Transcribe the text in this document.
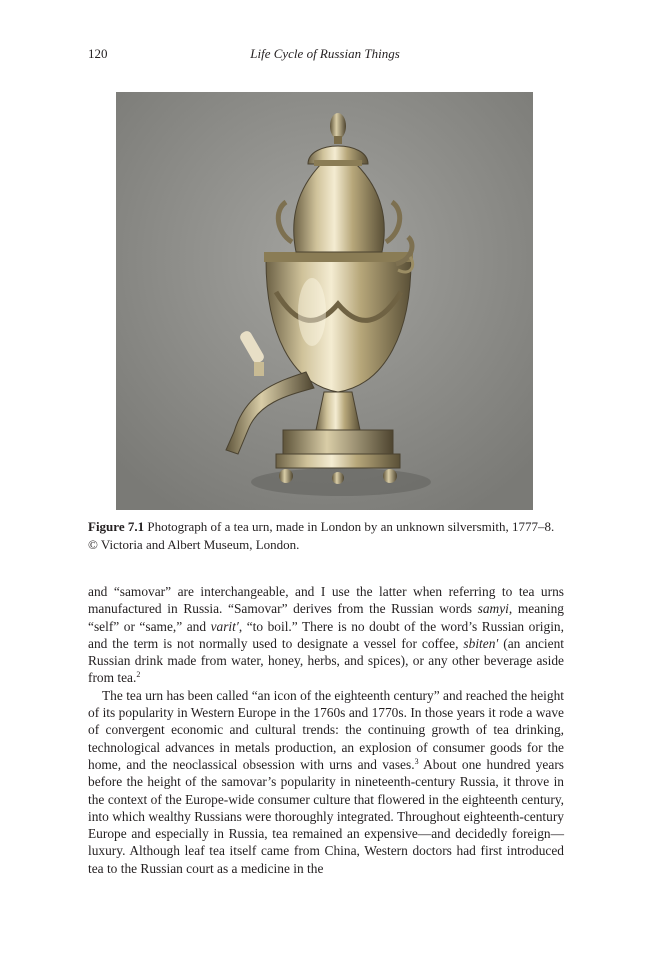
120	Life Cycle of Russian Things
Figure 7.1 Photograph of a tea urn, made in London by an unknown silversmith, 1777–8.
© Victoria and Albert Museum, London.

and “samovar” are interchangeable, and I use the latter when referring to tea urns manufactured in Russia. “Samovar” derives from the Russian words samyi, meaning “self” or “same,” and varit′, “to boil.” There is no doubt of the word’s Russian origin, and the term is not normally used to designate a vessel for coffee, sbiten′ (an ancient Russian drink made from water, honey, herbs, and spices), or any other beverage aside from tea.$^2$

The tea urn has been called “an icon of the eighteenth century” and reached the height of its popularity in Western Europe in the 1760s and 1770s. In those years it rode a wave of convergent economic and cultural trends: the continuing growth of tea drinking, technological advances in metals production, an explosion of consumer goods for the home, and the neoclassical obsession with urns and vases.$^3$ About one hundred years before the height of the samovar’s popularity in nineteenth-century Russia, it throve in the context of the Europe-wide consumer culture that flowered in the eighteenth century, into which wealthy Russians were thoroughly integrated. Throughout eighteenth-century Europe and especially in Russia, tea remained an expensive—and decidedly foreign—luxury. Although leaf tea itself came from China, Western doctors had first introduced tea to the Russian court as a medicine in the
